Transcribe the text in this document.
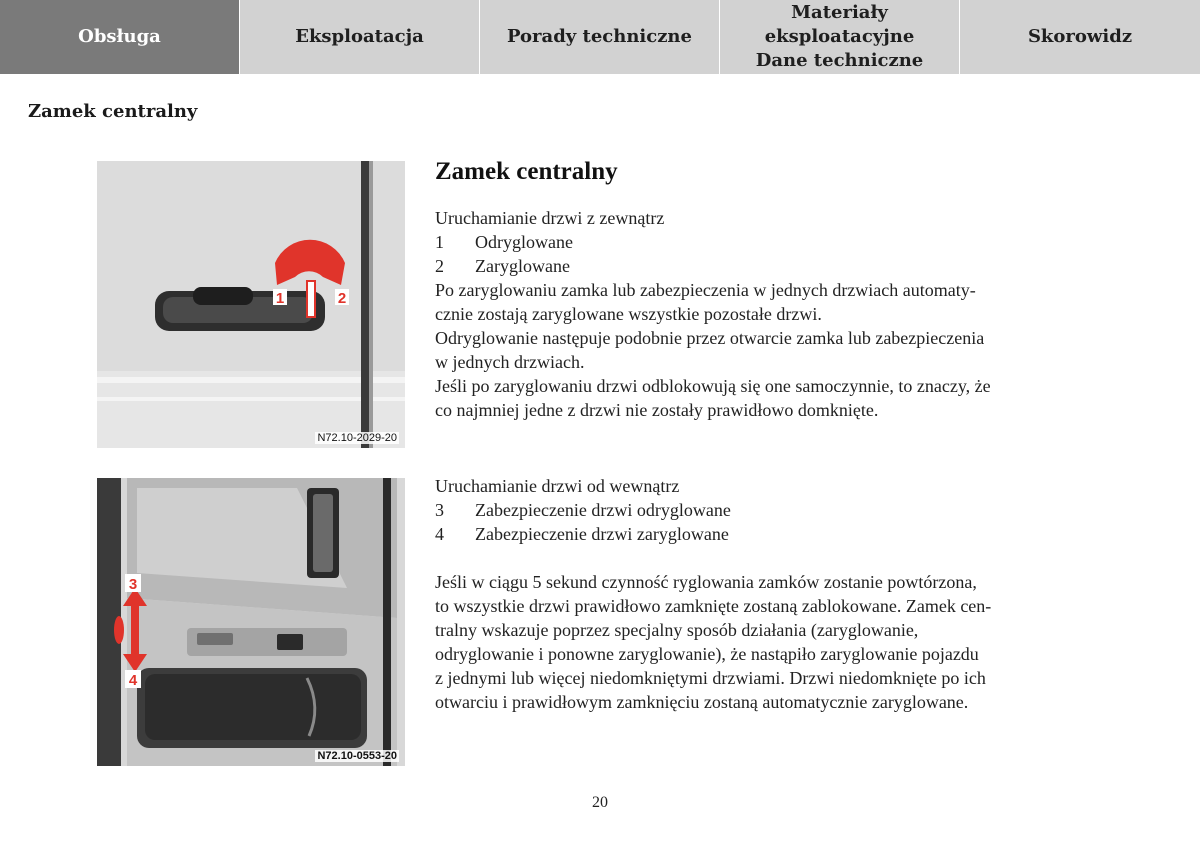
Obsługa	Eksploatacja	Porady techniczne
Materiały eksploatacyjne
Dane techniczne
Skorowidz
Zamek centralny
1	2
N72.10-2029-20
3
4
N72.10-0553-20
Zamek centralny
Uruchamianie drzwi z zewnątrz
1	Odryglowane
2	Zaryglowane
Po zaryglowaniu zamka lub zabezpieczenia w jednych drzwiach automaty-
cznie zostają zaryglowane wszystkie pozostałe drzwi.
Odryglowanie następuje podobnie przez otwarcie zamka lub zabezpieczenia
w jednych drzwiach.
Jeśli po zaryglowaniu drzwi odblokowują się one samoczynnie, to znaczy, że
co najmniej jedne z drzwi nie zostały prawidłowo domknięte.
Uruchamianie drzwi od wewnątrz
3	Zabezpieczenie drzwi odryglowane
4	Zabezpieczenie drzwi zaryglowane
Jeśli w ciągu 5 sekund czynność ryglowania zamków zostanie powtórzona,
to wszystkie drzwi prawidłowo zamknięte zostaną zablokowane. Zamek cen-
tralny wskazuje poprzez specjalny sposób działania (zaryglowanie,
odryglowanie i ponowne zaryglowanie), że nastąpiło zaryglowanie pojazdu
z jednymi lub więcej niedomkniętymi drzwiami. Drzwi niedomknięte po ich
otwarciu i prawidłowym zamknięciu zostaną automatycznie zaryglowane.
20
